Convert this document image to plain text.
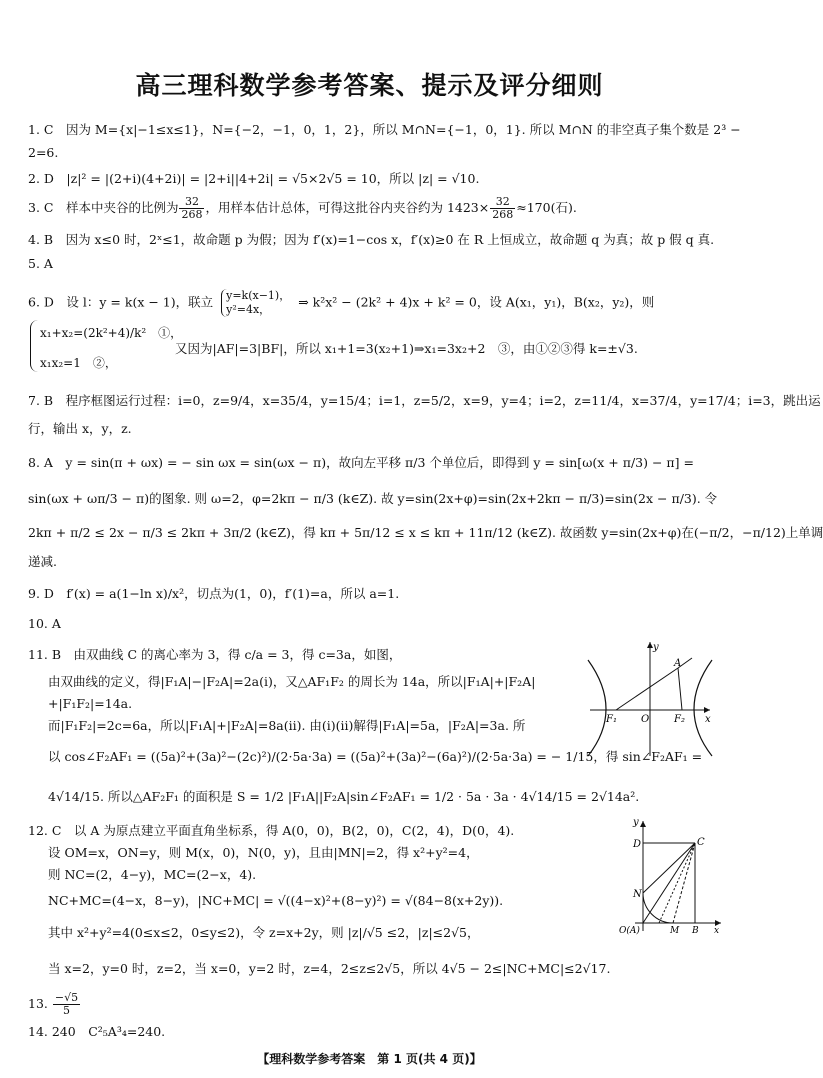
高三理科数学参考答案、提示及评分细则
1. C　因为 M={x|−1≤x≤1}，N={−2，−1，0，1，2}，所以 M∩N={−1，0，1}. 所以 M∩N 的非空真子集个数是 2³ −
2=6.
2. D　|z|² = |(2+i)(4+2i)| = |2+i||4+2i| = √5×2√5 = 10，所以 |z| = √10.
3. C　样本中夹谷的比例为 $\frac{32}{268}$ ，用样本估计总体，可得这批谷内夹谷约为 $1423\times \frac{32}{268} \approx 170$(石).
4. B　因为 x≤0 时，2ˣ≤1，故命题 p 为假；因为 f′(x)=1−cos x，f′(x)≥0 在 R 上恒成立，故命题 q 为真；故 p 假 q 真.
5. A
6. D　设 l：y = k(x − 1)，联立 y=k(x−1)，
y²=4x，	⇒ k²x² − (2k² + 4)x + k² = 0，设 A(x₁，y₁)，B(x₂，y₂)，则
x₁+x₂=(2k²+4)/k²　①，
x₁x₂=1　②，
又因为|AF|=3|BF|，所以 x₁+1=3(x₂+1)⇒x₁=3x₂+2　③，由①②③得 k=±√3.
7. B　程序框图运行过程：i=0，z=9/4，x=35/4，y=15/4；i=1，z=5/2，x=9，y=4；i=2，z=11/4，x=37/4，y=17/4；i=3，跳出运
行，输出 x，y，z.
8. A　y = sin(π + ωx) = − sin ωx = sin(ωx − π)，故向左平移 π/3 个单位后，即得到 y = sin[ω(x + π/3) − π] =
sin(ωx + ωπ/3 − π)的图象. 则 ω=2，φ=2kπ − π/3 (k∈Z). 故 y=sin(2x+φ)=sin(2x+2kπ − π/3)=sin(2x − π/3). 令
2kπ + π/2 ≤ 2x − π/3 ≤ 2kπ + 3π/2 (k∈Z)，得 kπ + 5π/12 ≤ x ≤ kπ + 11π/12 (k∈Z). 故函数 y=sin(2x+φ)在(−π/2，−π/12)上单调
递减.
9. D　f′(x) = a(1−ln x)/x²，切点为(1，0)，f′(1)=a，所以 a=1.
10. A
11. B　由双曲线 C 的离心率为 3，得 c/a = 3，得 c=3a，如图，
由双曲线的定义，得|F₁A|−|F₂A|=2a(ⅰ)，又△AF₁F₂ 的周长为 14a，所以|F₁A|+|F₂A|
+|F₁F₂|=14a.
而|F₁F₂|=2c=6a，所以|F₁A|+|F₂A|=8a(ⅱ). 由(ⅰ)(ⅱ)解得|F₁A|=5a，|F₂A|=3a. 所
以 cos∠F₂AF₁ = ((5a)²+(3a)²−(2c)²)/(2·5a·3a) = ((5a)²+(3a)²−(6a)²)/(2·5a·3a) = − 1/15，得 sin∠F₂AF₁ =
4√14/15. 所以△AF₂F₁ 的面积是 S = 1/2 |F₁A||F₂A|sin∠F₂AF₁ = 1/2 · 5a · 3a · 4√14/15 = 2√14a².
y
x
A
F₁ O F₂
12. C　以 A 为原点建立平面直角坐标系，得 A(0，0)，B(2，0)，C(2，4)，D(0，4).
设 OM=x，ON=y，则 M(x，0)，N(0，y)，且由|MN|=2，得 x²+y²=4，
则 NC=(2，4−y)，MC=(2−x，4).
NC+MC=(4−x，8−y)，|NC+MC| = √((4−x)²+(8−y)²) = √(84−8(x+2y)).
其中 x²+y²=4(0≤x≤2，0≤y≤2)，令 z=x+2y，则 |z|/√5 ≤2，|z|≤2√5，
当 x=2，y=0 时，z=2，当 x=0，y=2 时，z=4，2≤z≤2√5，所以 4√5 − 2≤|NC+MC|≤2√17.
y
D	C
N
O(A)	M B x
13. $\frac{-√5}{5}$
14. 240　C²₅A³₄=240.
【理科数学参考答案　第 1 页(共 4 页)】
